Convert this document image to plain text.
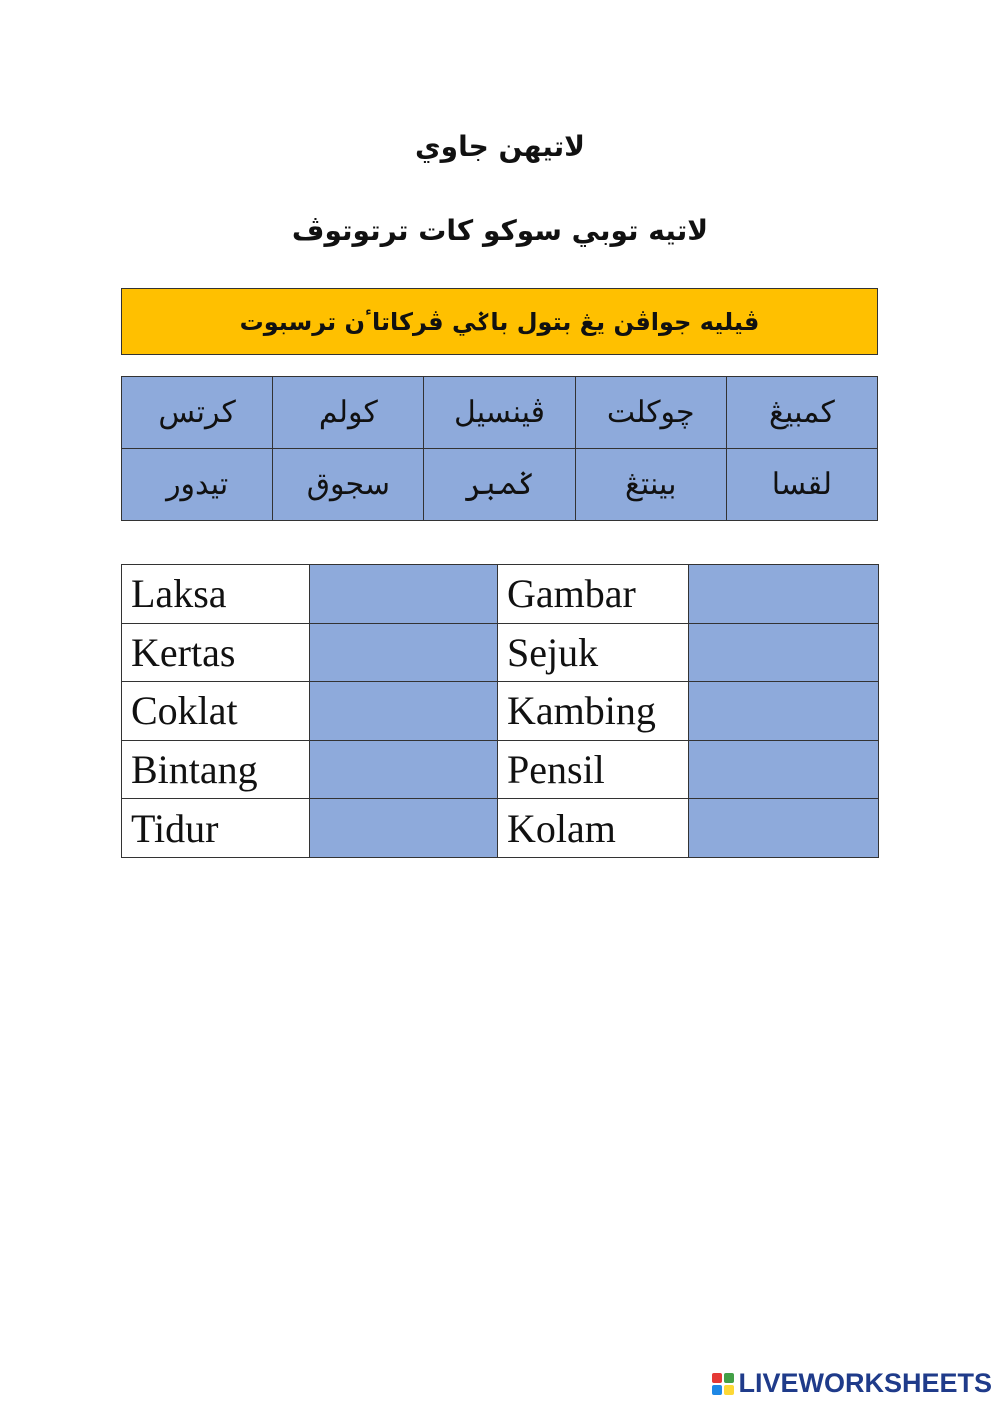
لاتيهن جاوي
لاتيه توبي سوكو كات ترتوتوڤ
ڤيليه جواڤن يڠ بتول باݢي ڤركاتاٴن ترسبوت
كمبيڠ	چوكلت	ڤينسيل	كولم	كرتس
لقسا	بينتڠ	ݢمبر	سجوق	تيدور
Laksa		Gambar	
Kertas		Sejuk	
Coklat		Kambing	
Bintang		Pensil	
Tidur		Kolam	
LIVEWORKSHEETS
